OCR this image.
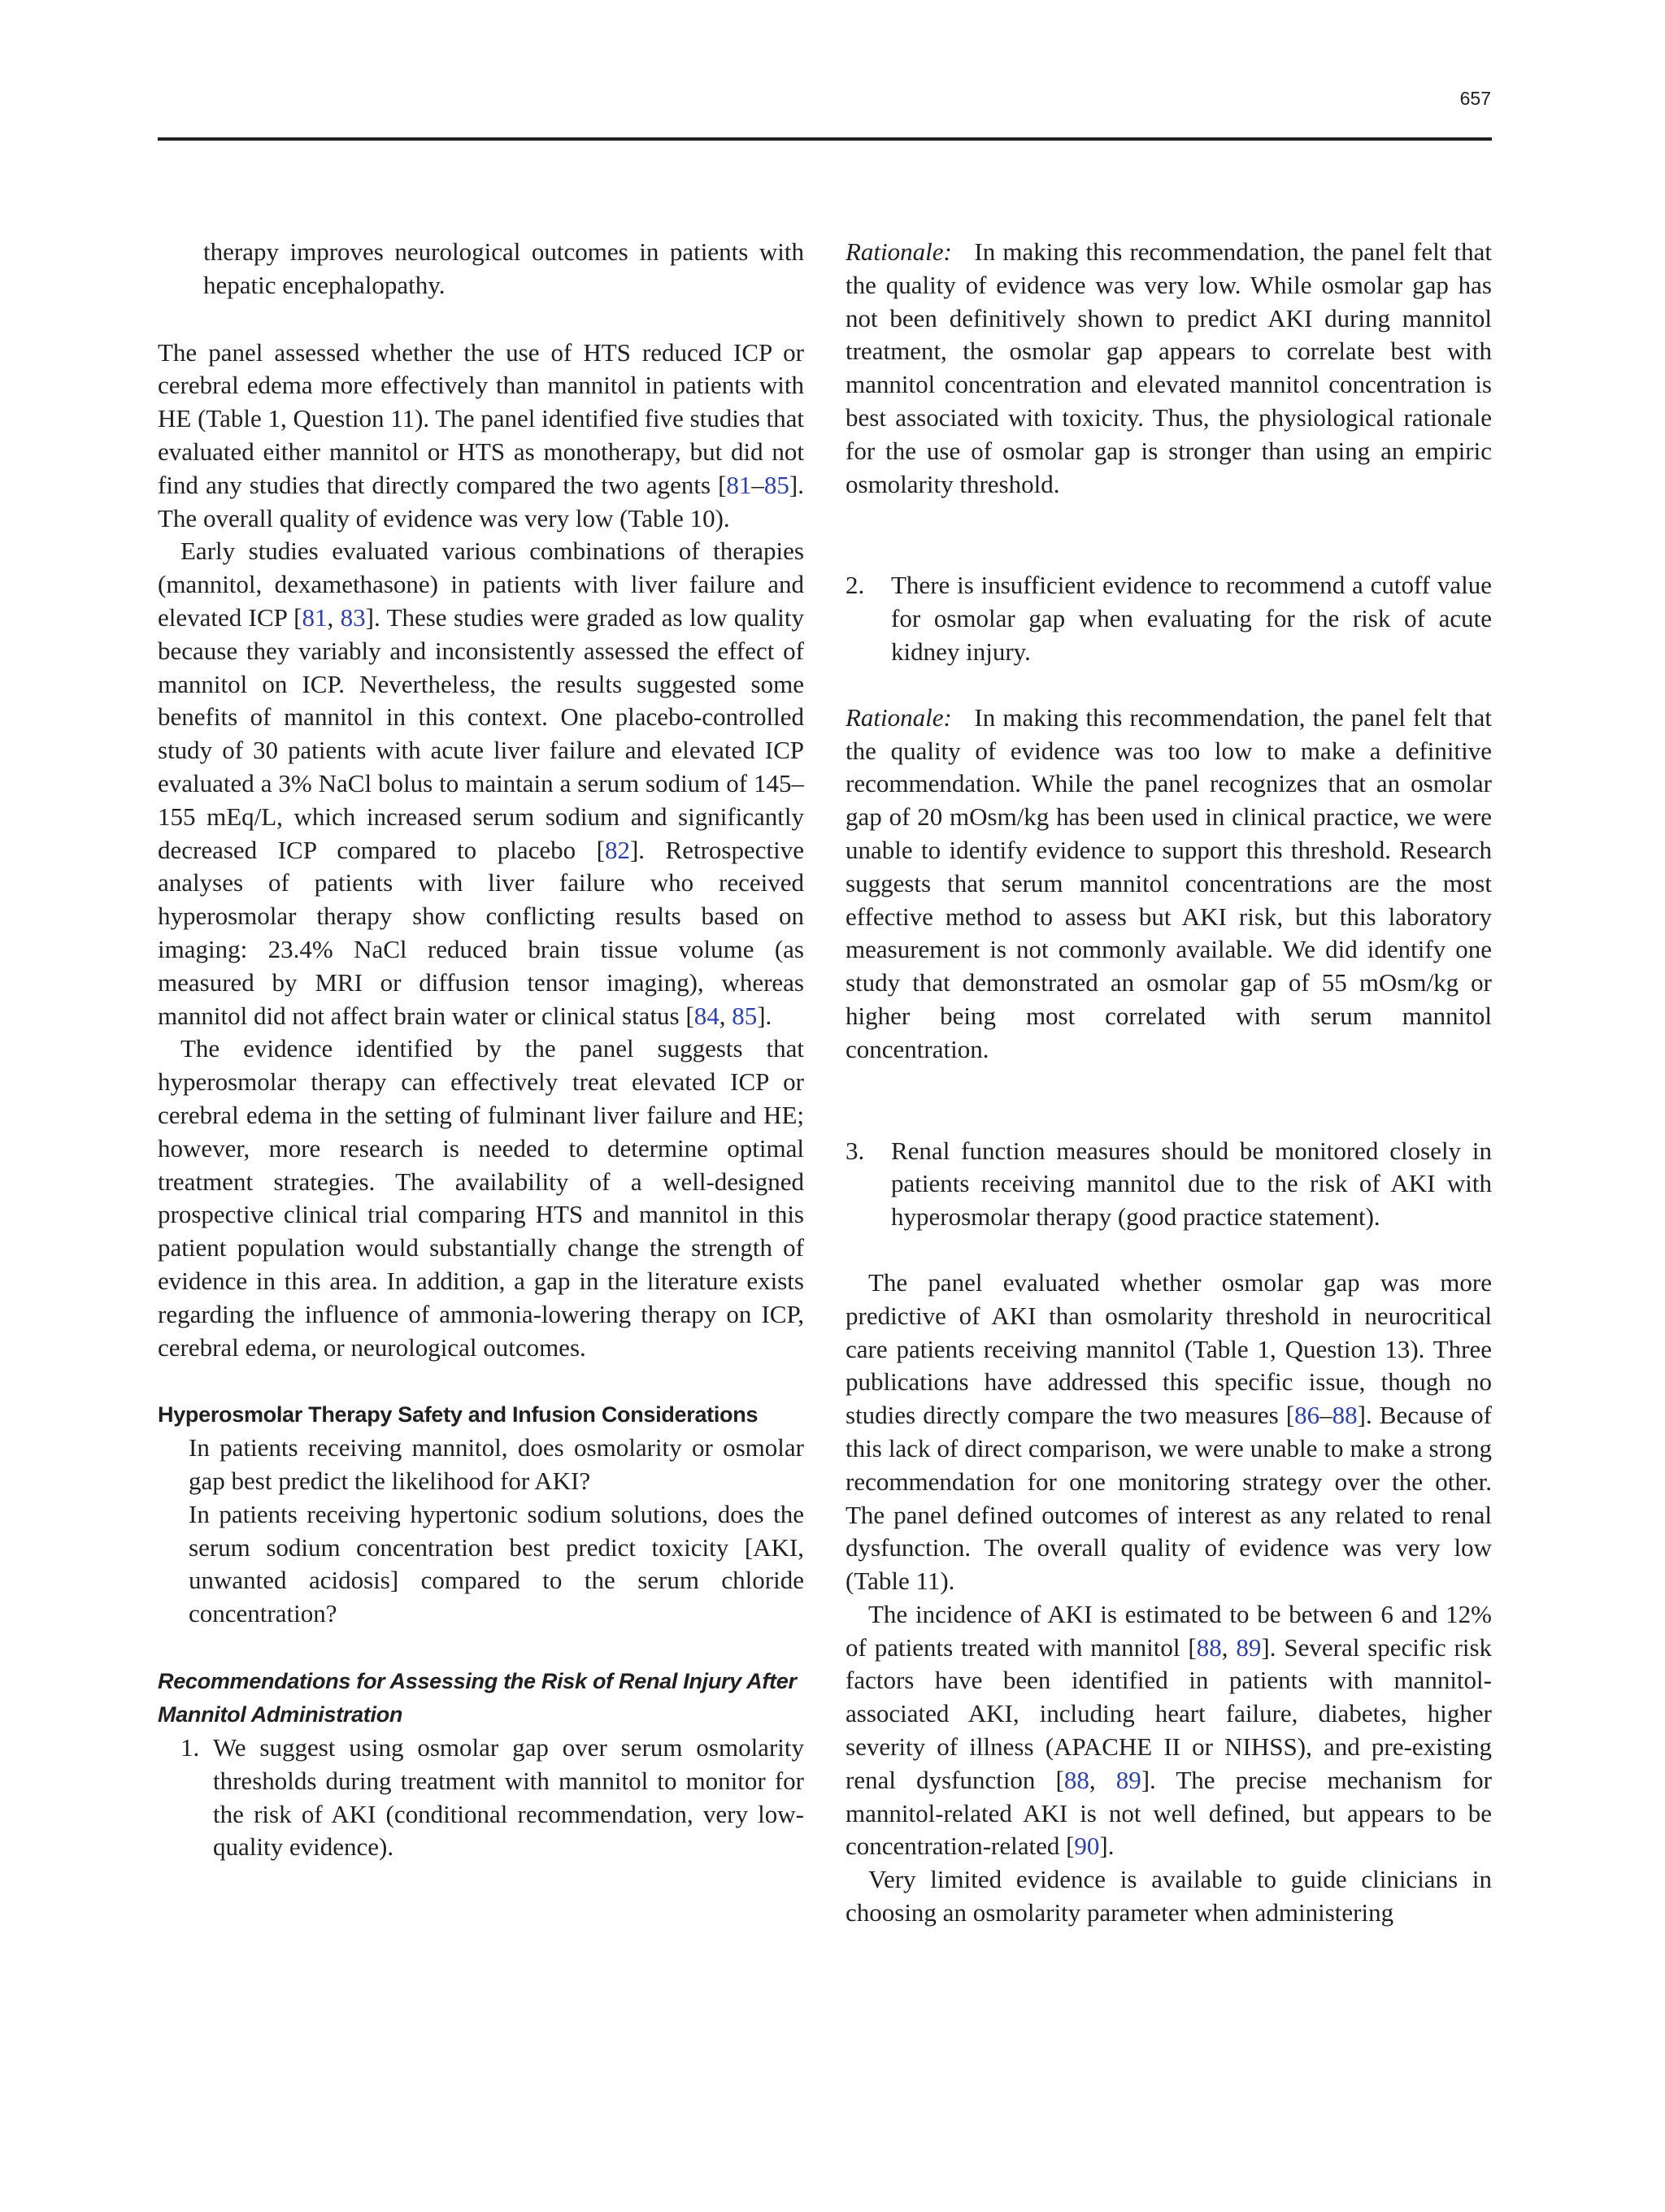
657

therapy improves neurological outcomes in patients with hepatic encephalopathy.

The panel assessed whether the use of HTS reduced ICP or cerebral edema more effectively than mannitol in patients with HE (Table 1, Question 11). The panel identified five studies that evaluated either mannitol or HTS as monotherapy, but did not find any studies that directly compared the two agents [81–85]. The overall quality of evidence was very low (Table 10).

Early studies evaluated various combinations of therapies (mannitol, dexamethasone) in patients with liver failure and elevated ICP [81, 83]. These studies were graded as low quality because they variably and inconsistently assessed the effect of mannitol on ICP. Nevertheless, the results suggested some benefits of mannitol in this context. One placebo-controlled study of 30 patients with acute liver failure and elevated ICP evaluated a 3% NaCl bolus to maintain a serum sodium of 145–155 mEq/L, which increased serum sodium and significantly decreased ICP compared to placebo [82]. Retrospective analyses of patients with liver failure who received hyperosmolar therapy show conflicting results based on imaging: 23.4% NaCl reduced brain tissue volume (as measured by MRI or diffusion tensor imaging), whereas mannitol did not affect brain water or clinical status [84, 85].

The evidence identified by the panel suggests that hyperosmolar therapy can effectively treat elevated ICP or cerebral edema in the setting of fulminant liver failure and HE; however, more research is needed to determine optimal treatment strategies. The availability of a well-designed prospective clinical trial comparing HTS and mannitol in this patient population would substantially change the strength of evidence in this area. In addition, a gap in the literature exists regarding the influence of ammonia-lowering therapy on ICP, cerebral edema, or neurological outcomes.

Hyperosmolar Therapy Safety and Infusion Considerations

In patients receiving mannitol, does osmolarity or osmolar gap best predict the likelihood for AKI?

In patients receiving hypertonic sodium solutions, does the serum sodium concentration best predict toxicity [AKI, unwanted acidosis] compared to the serum chloride concentration?

Recommendations for Assessing the Risk of Renal Injury After Mannitol Administration
1. We suggest using osmolar gap over serum osmolarity thresholds during treatment with mannitol to monitor for the risk of AKI (conditional recommendation, very low-quality evidence).

Rationale: In making this recommendation, the panel felt that the quality of evidence was very low. While osmolar gap has not been definitively shown to predict AKI during mannitol treatment, the osmolar gap appears to correlate best with mannitol concentration and elevated mannitol concentration is best associated with toxicity. Thus, the physiological rationale for the use of osmolar gap is stronger than using an empiric osmolarity threshold.

2. There is insufficient evidence to recommend a cutoff value for osmolar gap when evaluating for the risk of acute kidney injury.

Rationale: In making this recommendation, the panel felt that the quality of evidence was too low to make a definitive recommendation. While the panel recognizes that an osmolar gap of 20 mOsm/kg has been used in clinical practice, we were unable to identify evidence to support this threshold. Research suggests that serum mannitol concentrations are the most effective method to assess but AKI risk, but this laboratory measurement is not commonly available. We did identify one study that demonstrated an osmolar gap of 55 mOsm/kg or higher being most correlated with serum mannitol concentration.

3. Renal function measures should be monitored closely in patients receiving mannitol due to the risk of AKI with hyperosmolar therapy (good practice statement).

The panel evaluated whether osmolar gap was more predictive of AKI than osmolarity threshold in neurocritical care patients receiving mannitol (Table 1, Question 13). Three publications have addressed this specific issue, though no studies directly compare the two measures [86–88]. Because of this lack of direct comparison, we were unable to make a strong recommendation for one monitoring strategy over the other. The panel defined outcomes of interest as any related to renal dysfunction. The overall quality of evidence was very low (Table 11).

The incidence of AKI is estimated to be between 6 and 12% of patients treated with mannitol [88, 89]. Several specific risk factors have been identified in patients with mannitol-associated AKI, including heart failure, diabetes, higher severity of illness (APACHE II or NIHSS), and pre-existing renal dysfunction [88, 89]. The precise mechanism for mannitol-related AKI is not well defined, but appears to be concentration-related [90].

Very limited evidence is available to guide clinicians in choosing an osmolarity parameter when administering
